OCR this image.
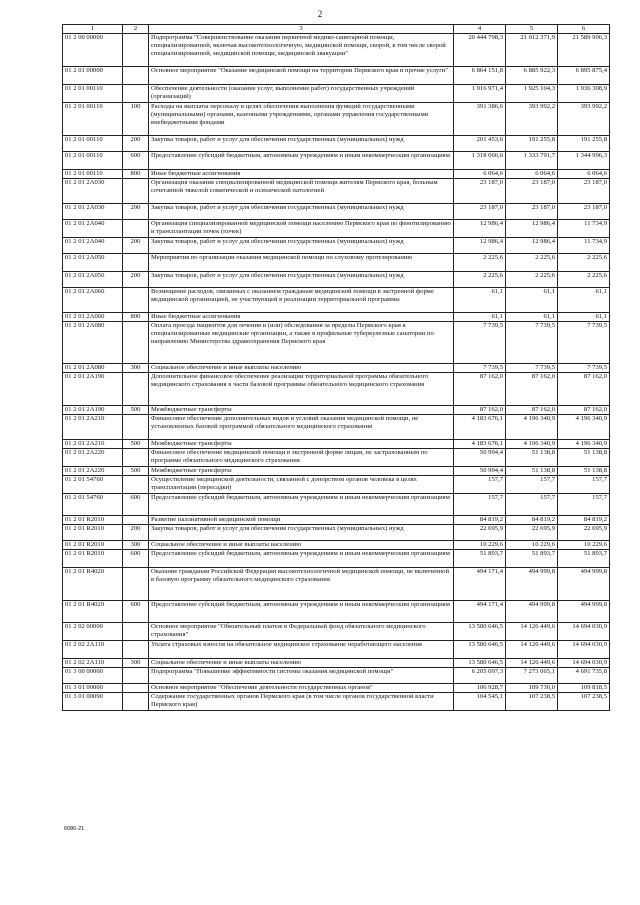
2
1	2	3	4	5	6
01 2 00 00000		Подпрограмма "Совершенствование оказания первичной медико-санитарной помощи, специализированной, включая высокотехнологичную, медицинской помощи, скорой, в том числе скорой специализированной, медицинской помощи, медицинской эвакуации"	20 444 798,3	21 012 371,9	21 589 906,3
01 2 01 00000		Основное мероприятие "Оказание медицинской помощи на территории Пермского края и прочие услуги"	6 864 151,8	6 885 922,3	6 895 875,4
01 2 01 00110		Обеспечение деятельности (оказание услуг, выполнение работ) государственных учреждений (организаций)	1 916 971,4	1 925 104,3	1 936 308,9
01 2 01 00110	100	Расходы на выплаты персоналу в целях обеспечения выполнения функций государственными (муниципальными) органами, казенными учреждениями, органами управления государственными внебюджетными фондами	391 386,6	393 992,2	393 992,2
01 2 01 00110	200	Закупка товаров, работ и услуг для обеспечения государственных (муниципальных) нужд	201 453,6	191 255,8	191 255,8
01 2 01 00110	600	Предоставление субсидий бюджетным, автономным учреждениям и иным некоммерческим организациям	1 318 066,6	1 333 791,7	1 344 996,3
01 2 01 00110	800	Иные бюджетные ассигнования	6 064,6	6 064,6	6 064,6
01 2 01 2A030		Организация оказания специализированной медицинской помощи жителям Пермского края, больным сочетанной тяжелой соматической и психической патологией	23 187,0	23 187,0	23 187,0
01 2 01 2A030	200	Закупка товаров, работ и услуг для обеспечения государственных (муниципальных) нужд	23 187,0	23 187,0	23 187,0
01 2 01 2A040		Организация специализированной медицинской помощи населению Пермского края по фенотилированию и трансплантации почек (почек)	12 986,4	12 986,4	11 734,9
01 2 01 2A040	200	Закупка товаров, работ и услуг для обеспечения государственных (муниципальных) нужд	12 986,4	12 986,4	11 734,9
01 2 01 2A050		Мероприятия по организации оказания медицинской помощи по слуховому протезированию	2 225,6	2 225,6	2 225,6
01 2 01 2A050	200	Закупка товаров, работ и услуг для обеспечения государственных (муниципальных) нужд	2 225,6	2 225,6	2 225,6
01 2 01 2A060		Возмещение расходов, связанных с оказанием гражданам медицинской помощи в экстренной форме медицинской организацией, не участвующей в реализации территориальной программы	61,1	61,1	61,1
01 2 01 2A060	800	Иные бюджетные ассигнования	61,1	61,1	61,1
01 2 01 2A080		Оплата проезда пациентов для лечения и (или) обследования за пределы Пермского края в специализированные медицинские организации, а также в профильные туберкулезные санатории по направлению Министерства здравоохранения Пермского края	7 739,5	7 739,5	7 739,5
01 2 01 2A080	300	Социальное обеспечение и иные выплаты населению	7 739,5	7 739,5	7 739,5
01 2 01 2A190		Дополнительное финансовое обеспечение реализации территориальной программы обязательного медицинского страхования в части базовой программы обязательного медицинского страхования	87 162,0	87 162,0	87 162,0
01 2 01 2A190	500	Межбюджетные трансферты	87 162,0	87 162,0	87 162,0
01 2 01 2A210		Финансовое обеспечение дополнительных видов и условий оказания медицинской помощи, не установленных базовой программой обязательного медицинского страхования	4 183 676,1	4 196 340,9	4 196 340,9
01 2 01 2A210	500	Межбюджетные трансферты	4 183 676,1	4 196 340,9	4 196 340,9
01 2 01 2A220		Финансовое обеспечение медицинской помощи в экстренной форме лицам, не застрахованным по программе обязательного медицинского страхования	50 994,4	51 138,8	51 138,8
01 2 01 2A220	500	Межбюджетные трансферты	50 994,4	51 138,8	51 138,8
01 2 01 54760		Осуществление медицинской деятельности, связанной с донорством органов человека в целях трансплантации (пересадки)	157,7	157,7	157,7
01 2 01 54760	600	Предоставление субсидий бюджетным, автономным учреждениям и иным некоммерческим организациям	157,7	157,7	157,7
01 2 01 R2010		Развитие паллиативной медицинской помощи	84 819,2	84 819,2	84 819,2
01 2 01 R2010	200	Закупка товаров, работ и услуг для обеспечения государственных (муниципальных) нужд	22 695,9	22 695,9	22 695,9
01 2 01 R2010	300	Социальное обеспечение и иные выплаты населению	10 229,6	10 229,6	10 229,6
01 2 01 R2010	600	Предоставление субсидий бюджетным, автономным учреждениям и иным некоммерческим организациям	51 893,7	51 893,7	51 893,7
01 2 01 R4020		Оказание гражданам Российской Федерации высокотехнологичной медицинской помощи, не включенной в базовую программу обязательного медицинского страхования	494 171,4	494 999,8	494 999,8
01 2 01 R4020	600	Предоставление субсидий бюджетным, автономным учреждениям и иным некоммерческим организациям	494 171,4	494 999,8	494 999,8
01 2 02 00000		Основное мероприятие "Обязательный платеж в Федеральный фонд обязательного медицинского страхования"	13 580 646,5	14 126 449,6	14 694 030,9
01 2 02 2A110		Уплата страховых взносов на обязательное медицинское страхование неработающего населения	13 580 646,5	14 126 449,6	14 694 030,9
01 2 02 2A110	300	Социальное обеспечение и иные выплаты населению	13 580 646,5	14 126 449,6	14 694 030,9
01 3 00 00000		Подпрограмма "Повышение эффективности системы оказания медицинской помощи"	6 205 097,3	7 273 065,1	4 691 735,8
01 3 01 00000		Основное мероприятие "Обеспечение деятельности государственных органов"	106 928,7	109 730,0	109 818,5
01 3 01 00090		Содержание государственных органов Пермского края (в том числе органов государственной власти Пермского края)	104 545,1	107 238,5	107 238,5
6086-21
